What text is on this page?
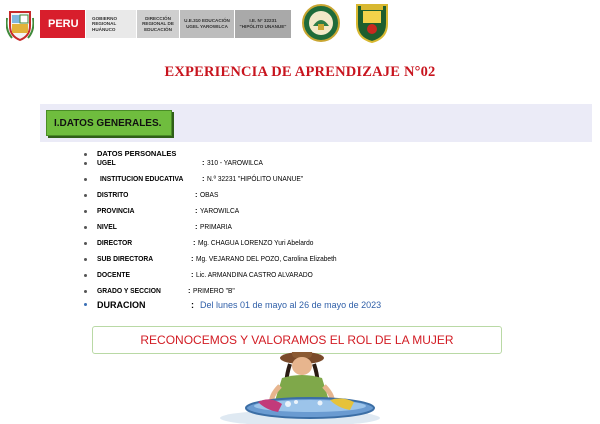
PERU	GOBIERNO REGIONAL HUÁNUCO
DIRECCIÓN REGIONAL DE EDUCACIÓN
U.E.310 EDUCACIÓN UGEL YAROWILCA
I.E. N° 32231 "HIPÓLITO UNANUE"
EXPERIENCIA DE APRENDIZAJE N°02
I.DATOS GENERALES.
DATOS PERSONALES
UGEL	: 310 - YAROWILCA
INSTITUCION EDUCATIVA : N.º 32231 "HIPÓLITO UNANUE"
DISTRITO	: OBAS
PROVINCIA	: YAROWILCA
NIVEL	: PRIMARIA
DIRECTOR	: Mg. CHAGUA LORENZO Yuri Abelardo
SUB DIRECTORA	: Mg. VEJARANO DEL POZO, Carolina Elizabeth
DOCENTE	: Lic. ARMANDINA CASTRO ALVARADO
GRADO Y SECCION	: PRIMERO "B"
DURACION	: Del lunes 01 de mayo al 26 de mayo de 2023
RECONOCEMOS Y VALORAMOS EL ROL DE LA MUJER
